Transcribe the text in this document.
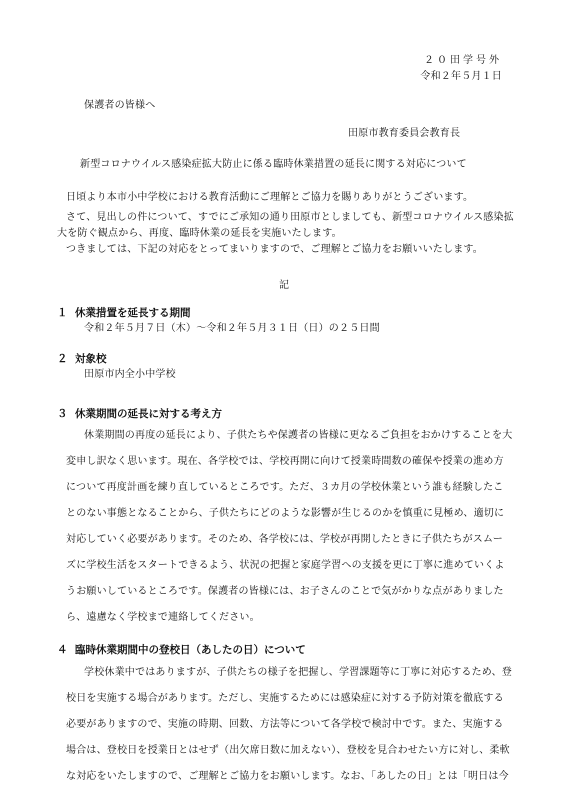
２０田学号外
令和２年５月１日
保護者の皆様へ
田原市教育委員会教育長
新型コロナウイルス感染症拡大防止に係る臨時休業措置の延長に関する対応について
日頃より本市小中学校における教育活動にご理解とご協力を賜りありがとうございます。
さて、見出しの件について、すでにご承知の通り田原市としましても、新型コロナウイルス感染拡
大を防ぐ観点から、再度、臨時休業の延長を実施いたします。
つきましては、下記の対応をとってまいりますので、ご理解とご協力をお願いいたします。
記
１ 休業措置を延長する期間
令和２年５月７日（木）～令和２年５月３１日（日）の２５日間
２ 対象校
田原市内全小中学校
３ 休業期間の延長に対する考え方
休業期間の再度の延長により、子供たちや保護者の皆様に更なるご負担をおかけすることを大
変申し訳なく思います。現在、各学校では、学校再開に向けて授業時間数の確保や授業の進め方
について再度計画を練り直しているところです。ただ、３カ月の学校休業という誰も経験したこ
とのない事態となることから、子供たちにどのような影響が生じるのかを慎重に見極め、適切に
対応していく必要があります。そのため、各学校には、学校が再開したときに子供たちがスムー
ズに学校生活をスタートできるよう、状況の把握と家庭学習への支援を更に丁寧に進めていくよ
うお願いしているところです。保護者の皆様には、お子さんのことで気がかりな点がありました
ら、遠慮なく学校まで連絡してください。
４ 臨時休業期間中の登校日（あしたの日）について
学校休業中ではありますが、子供たちの様子を把握し、学習課題等に丁寧に対応するため、登
校日を実施する場合があります。ただし、実施するためには感染症に対する予防対策を徹底する
必要がありますので、実施の時期、回数、方法等について各学校で検討中です。また、実施する
場合は、登校日を授業日とはせず（出欠席日数に加えない）、登校を見合わせたい方に対し、柔軟
な対応をいたしますので、ご理解とご協力をお願いします。なお、「あしたの日」とは「明日は今
